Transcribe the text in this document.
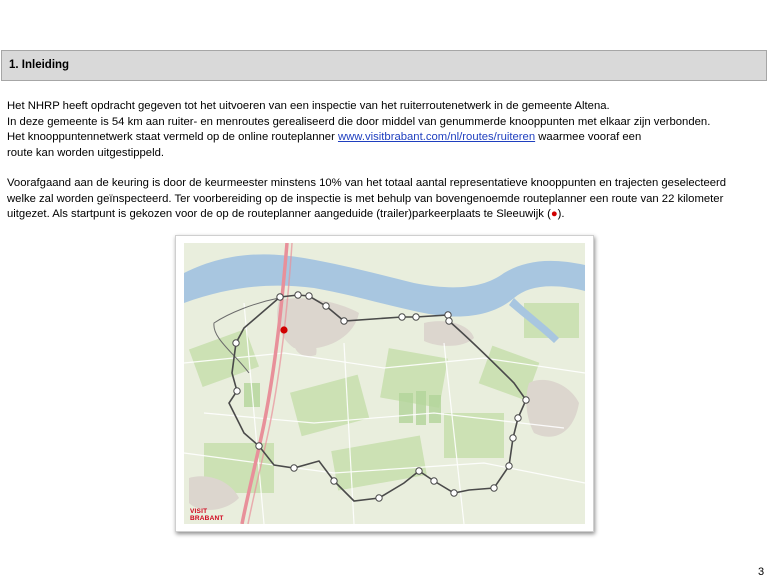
1. Inleiding
Het NHRP heeft opdracht gegeven tot het uitvoeren van een inspectie van het ruiterroutenetwerk in de gemeente Altena.
In deze gemeente is 54 km aan ruiter- en menroutes gerealiseerd die door middel van genummerde knooppunten met elkaar zijn verbonden.
Het knooppuntennetwerk staat vermeld op de online routeplanner www.visitbrabant.com/nl/routes/ruiteren waarmee vooraf een
route kan worden uitgestippeld.
Voorafgaand aan de keuring is door de keurmeester minstens 10% van het totaal aantal representatieve knooppunten en trajecten geselecteerd
welke zal worden geïnspecteerd. Ter voorbereiding op de inspectie is met behulp van bovengenoemde routeplanner een route van 22 kilometer
uitgezet. Als startpunt is gekozen voor de op de routeplanner aangeduide (trailer)parkeerplaats te Sleeuwijk (●).
VISIT
BRABANT
3
